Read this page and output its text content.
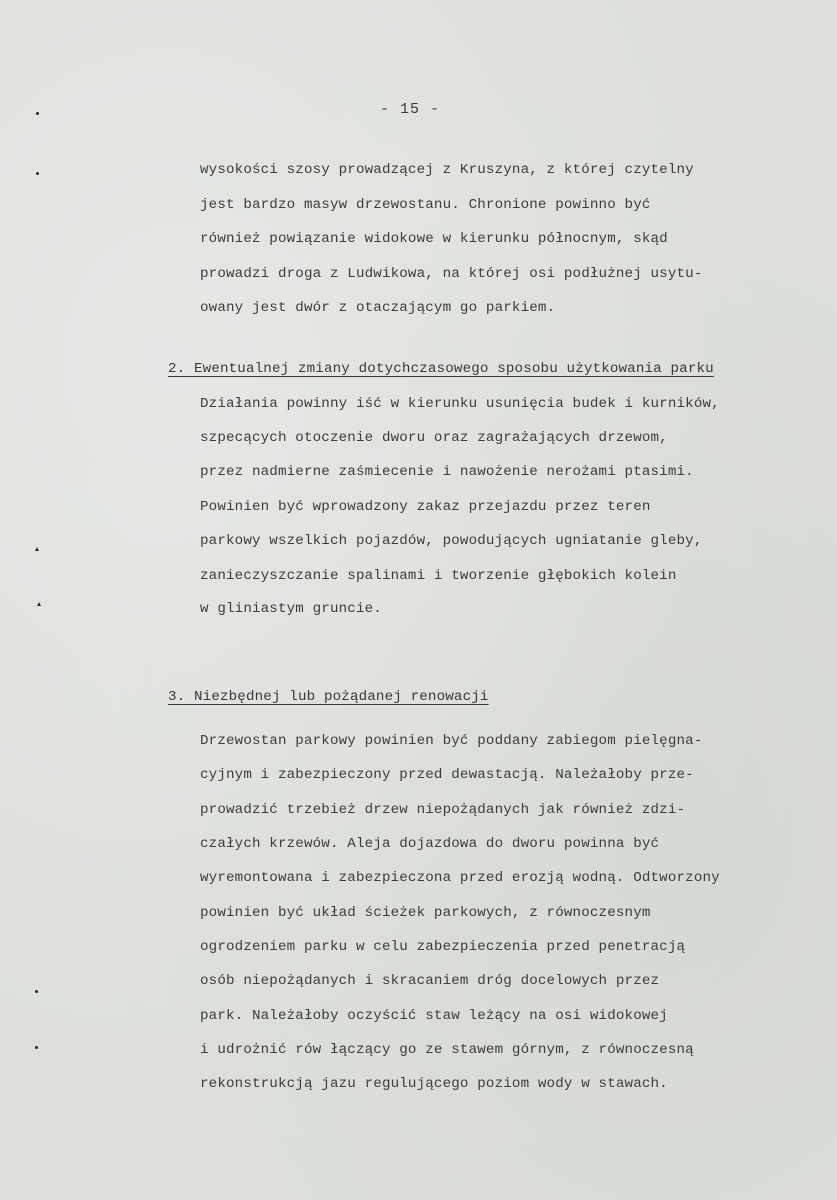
- 15 -
wysokości szosy prowadzącej z Kruszyna, z której czytelny
jest bardzo masyw drzewostanu. Chronione powinno być
również powiązanie widokowe w kierunku północnym, skąd
prowadzi droga z Ludwikowa, na której osi podłużnej usytu-
owany jest dwór z otaczającym go parkiem.
2. Ewentualnej zmiany dotychczasowego sposobu użytkowania parku
Działania powinny iść w kierunku usunięcia budek i kurników,
szpecących otoczenie dworu oraz zagrażających drzewom,
przez nadmierne zaśmiecenie i nawożenie nerożami ptasimi.
Powinien być wprowadzony zakaz przejazdu przez teren
parkowy wszelkich pojazdów, powodujących ugniatanie gleby,
zanieczyszczanie spalinami i tworzenie głębokich kolein
w gliniastym gruncie.
3. Niezbędnej lub pożądanej renowacji
Drzewostan parkowy powinien być poddany zabiegom pielęgna-
cyjnym i zabezpieczony przed dewastacją. Należałoby prze-
prowadzić trzebież drzew niepożądanych jak również zdzi-
czałych krzewów. Aleja dojazdowa do dworu powinna być
wyremontowana i zabezpieczona przed erozją wodną. Odtworzony
powinien być układ ścieżek parkowych, z równoczesnym
ogrodzeniem parku w celu zabezpieczenia przed penetracją
osób niepożądanych i skracaniem dróg docelowych przez
park. Należałoby oczyścić staw leżący na osi widokowej
i udrożnić rów łączący go ze stawem górnym, z równoczesną
rekonstrukcją jazu regulującego poziom wody w stawach.
